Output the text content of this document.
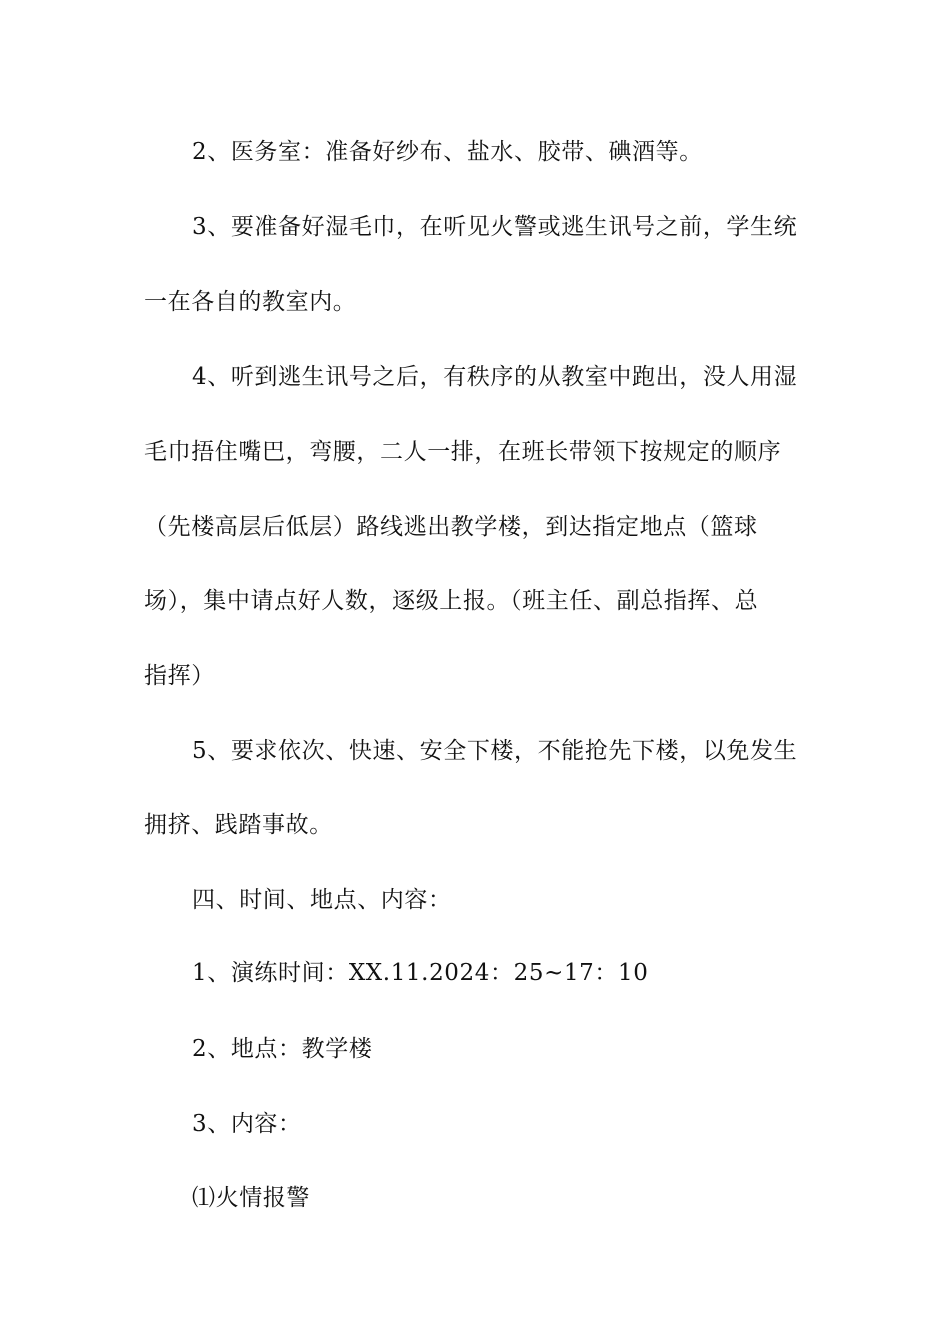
2、医务室：准备好纱布、盐水、胶带、碘酒等。
3、要准备好湿毛巾，在听见火警或逃生讯号之前，学生统
一在各自的教室内。
4、听到逃生讯号之后，有秩序的从教室中跑出，没人用湿
毛巾捂住嘴巴，弯腰，二人一排，在班长带领下按规定的顺序
（先楼高层后低层）路线逃出教学楼，到达指定地点（篮球
场），集中请点好人数，逐级上报。（班主任、副总指挥、总
指挥）
5、要求依次、快速、安全下楼，不能抢先下楼，以免发生
拥挤、践踏事故。
四、时间、地点、内容：
1、演练时间：XX.11.2024：25~17：10
2、地点：教学楼
3、内容：
⑴火情报警
